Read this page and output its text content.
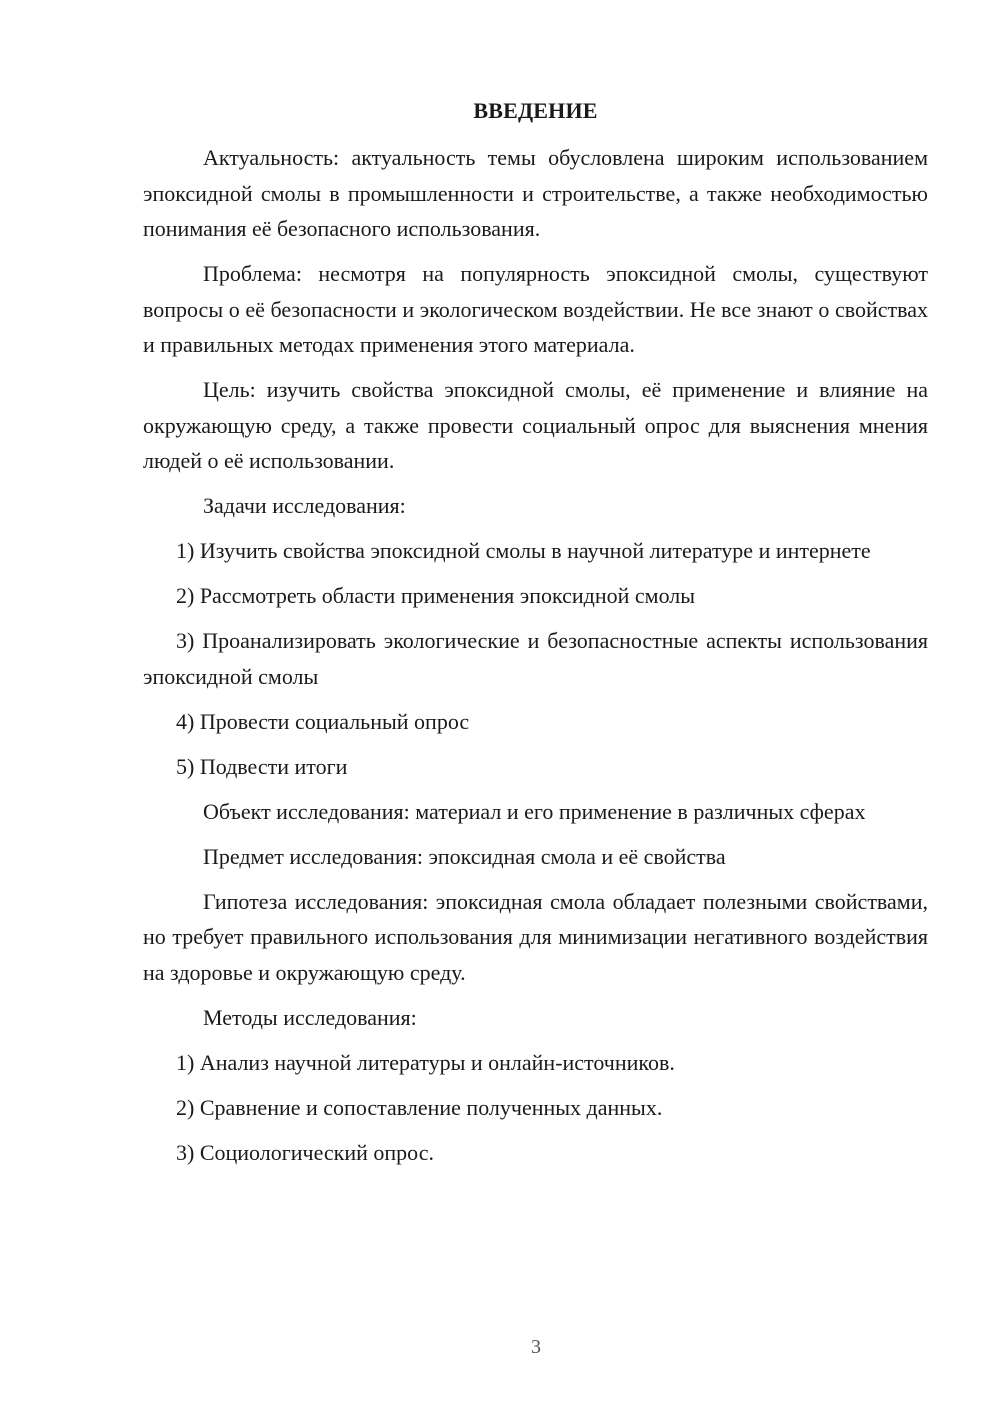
ВВЕДЕНИЕ

Актуальность: актуальность темы обусловлена широким использованием эпоксидной смолы в промышленности и строительстве, а также необходимостью понимания её безопасного использования.

Проблема: несмотря на популярность эпоксидной смолы, существуют вопросы о её безопасности и экологическом воздействии. Не все знают о свойствах и правильных методах применения этого материала.

Цель: изучить свойства эпоксидной смолы, её применение и влияние на окружающую среду, а также провести социальный опрос для выяснения мнения людей о её использовании.

Задачи исследования:

1) Изучить свойства эпоксидной смолы в научной литературе и интернете

2) Рассмотреть области применения эпоксидной смолы

3) Проанализировать экологические и безопасностные аспекты использования эпоксидной смолы

4) Провести социальный опрос

5) Подвести итоги

Объект исследования: материал и его применение в различных сферах

Предмет исследования: эпоксидная смола и её свойства

Гипотеза исследования: эпоксидная смола обладает полезными свойствами, но требует правильного использования для минимизации негативного воздействия на здоровье и окружающую среду.

Методы исследования:

1) Анализ научной литературы и онлайн-источников.

2) Сравнение и сопоставление полученных данных.

3) Социологический опрос.

3
